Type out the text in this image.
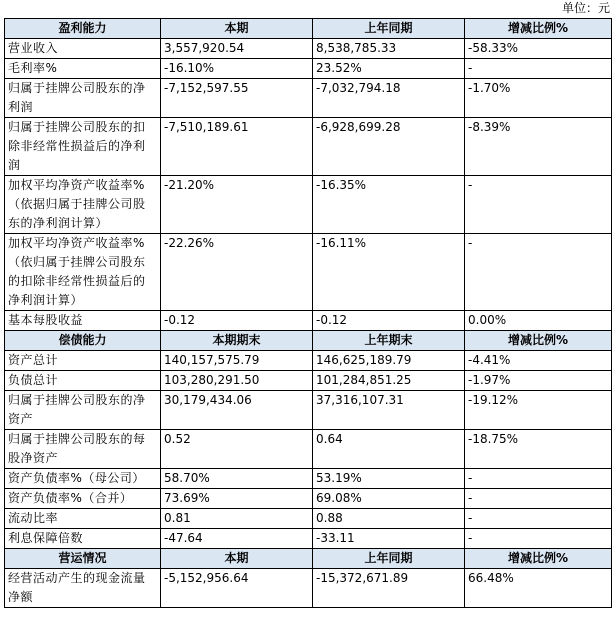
单位：元
盈利能力	本期	上年同期	增减比例%
营业收入	3,557,920.54	8,538,785.33	-58.33%
毛利率%	-16.10%	23.52%	-
归属于挂牌公司股东的净利润	-7,152,597.55	-7,032,794.18	-1.70%
归属于挂牌公司股东的扣除非经常性损益后的净利润	-7,510,189.61	-6,928,699.28	-8.39%
加权平均净资产收益率%（依据归属于挂牌公司股东的净利润计算）	-21.20%	-16.35%	-
加权平均净资产收益率%（依归属于挂牌公司股东的扣除非经常性损益后的净利润计算）	-22.26%	-16.11%	-
基本每股收益	-0.12	-0.12	0.00%
偿债能力	本期期末	上年期末	增减比例%
资产总计	140,157,575.79	146,625,189.79	-4.41%
负债总计	103,280,291.50	101,284,851.25	-1.97%
归属于挂牌公司股东的净资产	30,179,434.06	37,316,107.31	-19.12%
归属于挂牌公司股东的每股净资产	0.52	0.64	-18.75%
资产负债率%（母公司）	58.70%	53.19%	-
资产负债率%（合并）	73.69%	69.08%	-
流动比率	0.81	0.88	-
利息保障倍数	-47.64	-33.11	-
营运情况	本期	上年同期	增减比例%
经营活动产生的现金流量净额	-5,152,956.64	-15,372,671.89	66.48%
